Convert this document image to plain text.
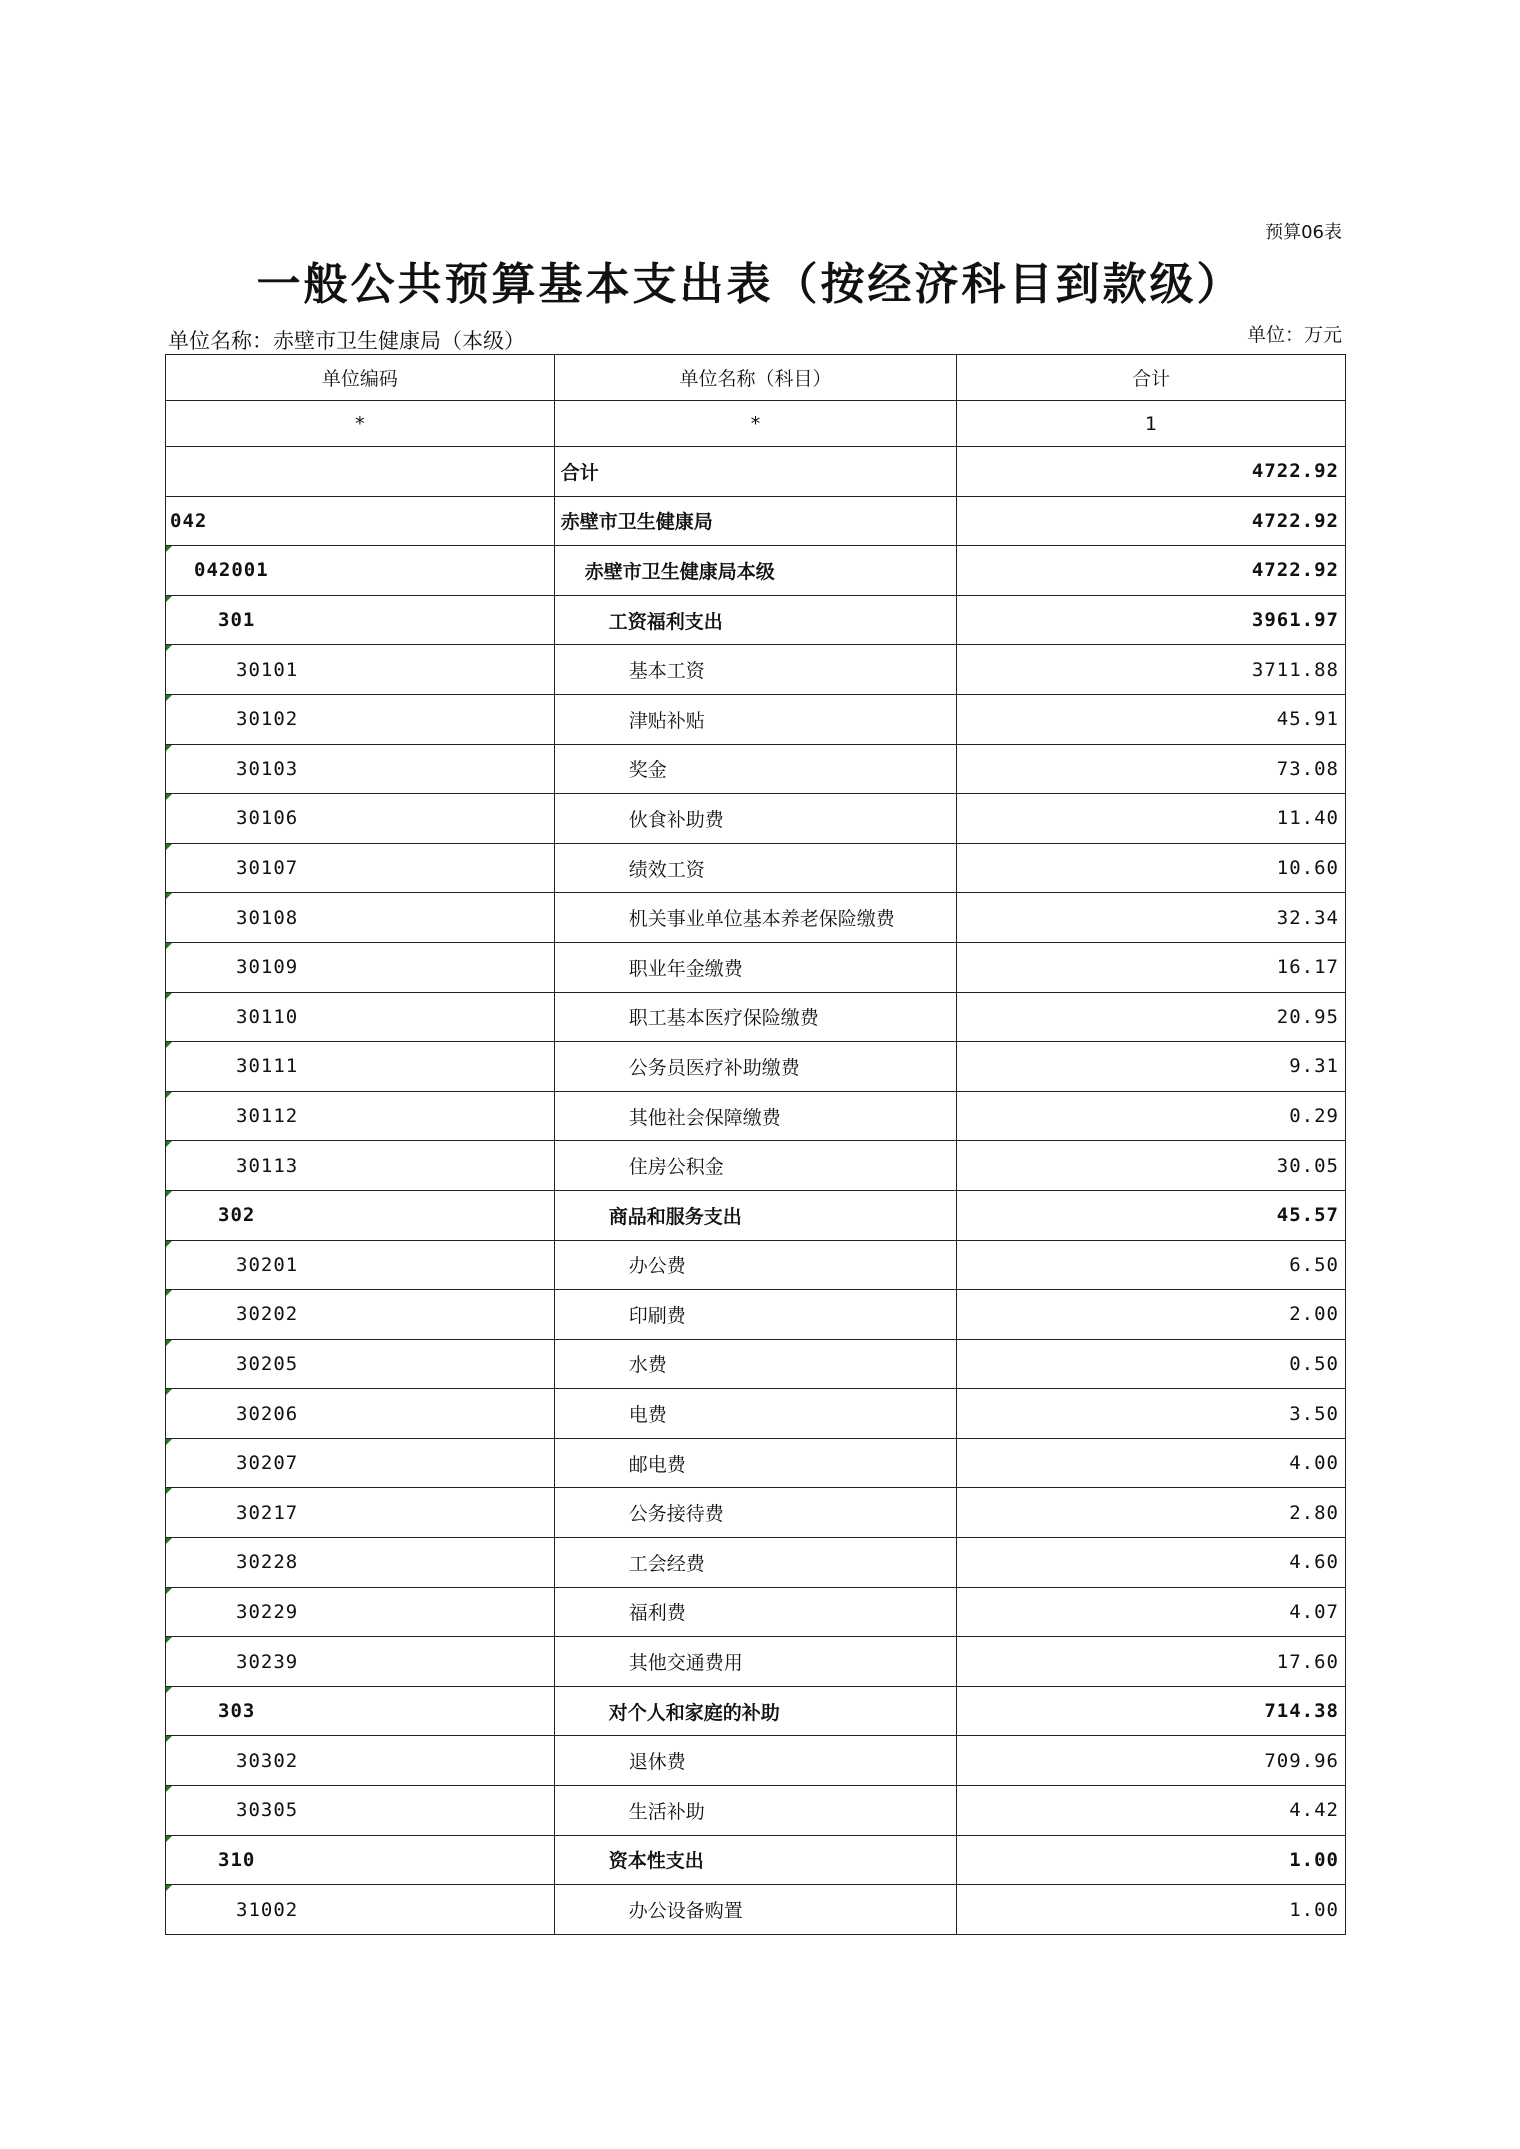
预算06表
一般公共预算基本支出表（按经济科目到款级）
单位名称：赤壁市卫生健康局（本级）	单位：万元
单位编码	单位名称（科目）	合计
*	*	1
	合计	4722.92
042	赤壁市卫生健康局	4722.92

042001	赤壁市卫生健康局本级	4722.92

301	工资福利支出	3961.97

30101	基本工资	3711.88

30102	津贴补贴	45.91

30103	奖金	73.08

30106	伙食补助费	11.40

30107	绩效工资	10.60

30108	机关事业单位基本养老保险缴费	32.34

30109	职业年金缴费	16.17

30110	职工基本医疗保险缴费	20.95

30111	公务员医疗补助缴费	9.31

30112	其他社会保障缴费	0.29

30113	住房公积金	30.05

302	商品和服务支出	45.57

30201	办公费	6.50

30202	印刷费	2.00

30205	水费	0.50

30206	电费	3.50

30207	邮电费	4.00

30217	公务接待费	2.80

30228	工会经费	4.60

30229	福利费	4.07

30239	其他交通费用	17.60

303	对个人和家庭的补助	714.38

30302	退休费	709.96

30305	生活补助	4.42

310	资本性支出	1.00

31002	办公设备购置	1.00
